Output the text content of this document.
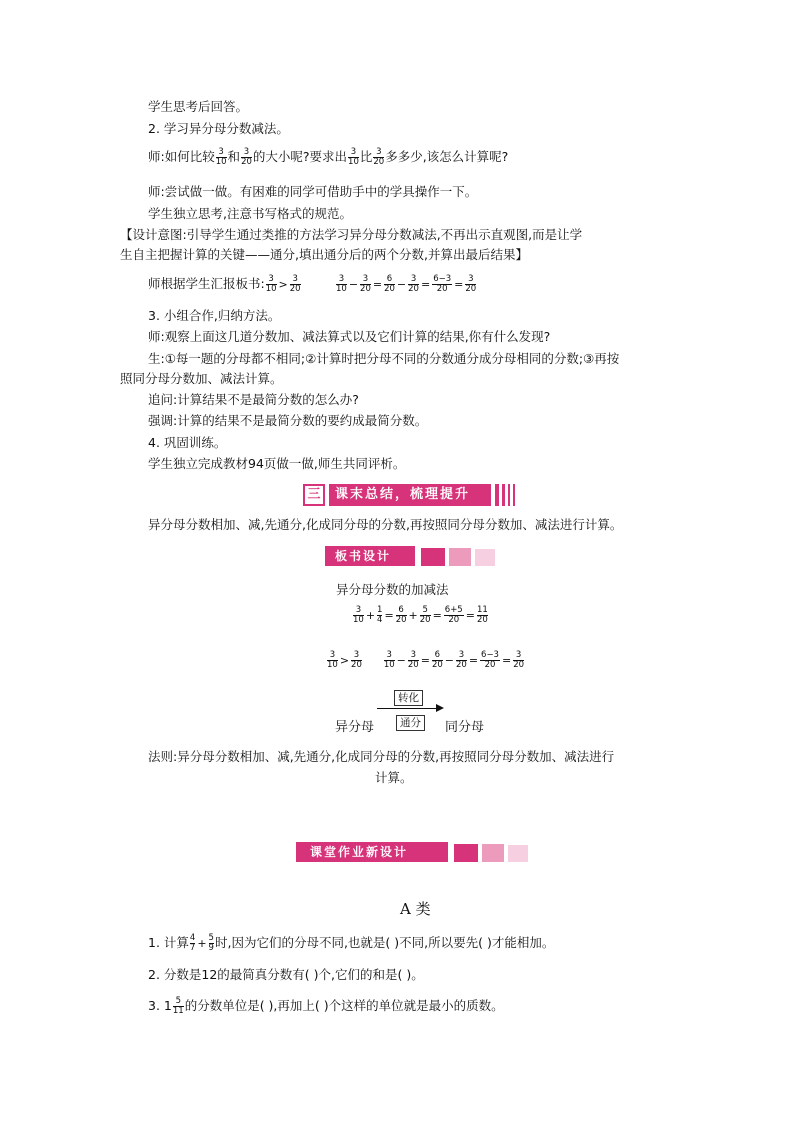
学生思考后回答。
2. 学习异分母分数减法。
师:如何比较 $\frac{3}{10}$ 和 $\frac{3}{20}$ 的大小呢?要求出 $\frac{3}{10}$ 比 $\frac{3}{20}$ 多多少,该怎么计算呢?
师:尝试做一做。有困难的同学可借助手中的学具操作一下。
学生独立思考,注意书写格式的规范。
【设计意图:引导学生通过类推的方法学习异分母分数减法,不再出示直观图,而是让学
生自主把握计算的关键——通分,填出通分后的两个分数,并算出最后结果】
师根据学生汇报板书: $\frac{3}{10} > \frac{3}{20}$	$\frac{3}{10} - \frac{3}{20} = \frac{6}{20} - \frac{3}{20} = \frac{6-3}{20} = \frac{3}{20}$
3. 小组合作,归纳方法。
师:观察上面这几道分数加、减法算式以及它们计算的结果,你有什么发现?
生:①每一题的分母都不相同;②计算时把分母不同的分数通分成分母相同的分数;③再按
照同分母分数加、减法计算。
追问:计算结果不是最简分数的怎么办?
强调:计算的结果不是最简分数的要约成最简分数。
4. 巩固训练。
学生独立完成教材94页做一做,师生共同评析。
三	课末总结，梳理提升
异分母分数相加、减,先通分,化成同分母的分数,再按照同分母分数加、减法进行计算。
板书设计
异分母分数的加减法
$\frac{3}{10} + \frac{1}{4} = \frac{6}{20} + \frac{5}{20} = \frac{6+5}{20} = \frac{11}{20}$
$\frac{3}{10} > \frac{3}{20}$
	$\frac{3}{10} - \frac{3}{20} = \frac{6}{20} - \frac{3}{20} = \frac{6-3}{20} = \frac{3}{20}$
转化
通分
异分母	同分母
法则:异分母分数相加、减,先通分,化成同分母的分数,再按照同分母分数加、减法进行
计算。
课堂作业新设计
A 类
1. 计算 $\frac{4}{7} + \frac{5}{9}$ 时,因为它们的分母不同,也就是( )不同,所以要先( )才能相加。
2. 分数是12的最简真分数有( )个,它们的和是( )。
3. $1 \frac{5}{11}$ 的分数单位是( ),再加上( )个这样的单位就是最小的质数。
